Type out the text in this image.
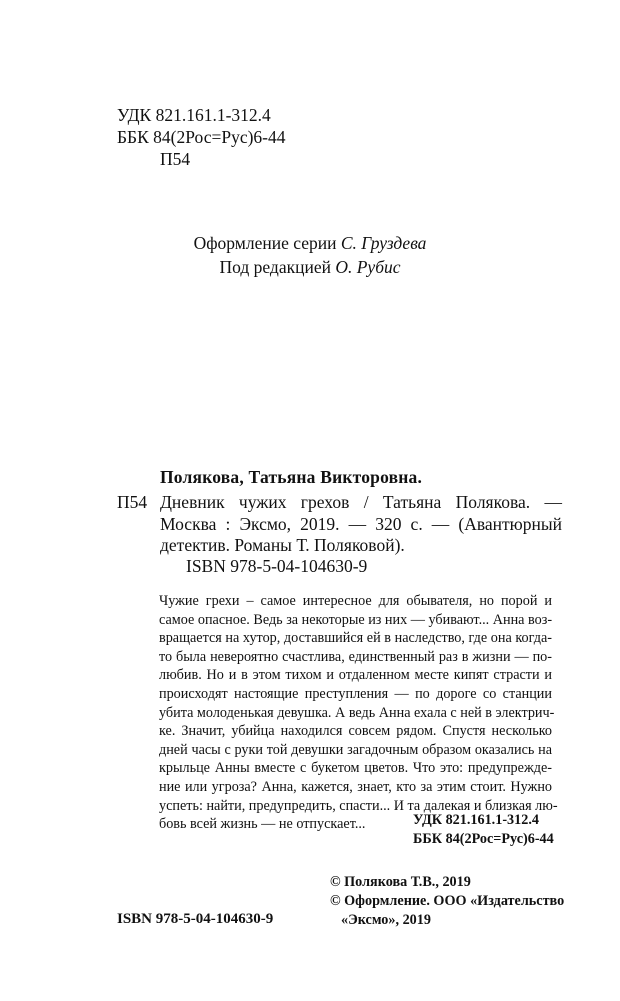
УДК 821.161.1-312.4
ББК 84(2Рос=Рус)6-44
П54
Оформление серии С. Груздева
Под редакцией О. Рубис
Полякова, Татьяна Викторовна.
П54 Дневник чужих грехов / Татьяна Полякова. —
Москва : Эксмо, 2019. — 320 с. — (Авантюрный
детектив. Романы Т. Поляковой).
ISBN 978-5-04-104630-9
Чужие грехи – самое интересное для обывателя, но порой и
самое опасное. Ведь за некоторые из них — убивают... Анна воз-
вращается на хутор, доставшийся ей в наследство, где она когда-
то была невероятно счастлива, единственный раз в жизни — по-
любив. Но и в этом тихом и отдаленном месте кипят страсти и
происходят настоящие преступления — по дороге со станции
убита молоденькая девушка. А ведь Анна ехала с ней в электрич-
ке. Значит, убийца находился совсем рядом. Спустя несколько
дней часы с руки той девушки загадочным образом оказались на
крыльце Анны вместе с букетом цветов. Что это: предупрежде-
ние или угроза? Анна, кажется, знает, кто за этим стоит. Нужно
успеть: найти, предупредить, спасти... И та далекая и близкая лю-
бовь всей жизнь — не отпускает...	УДК 821.161.1-312.4
ББК 84(2Рос=Рус)6-44
© Полякова Т.В., 2019
© Оформление. ООО «Издательство
«Эксмо», 2019
ISBN 978-5-04-104630-9
